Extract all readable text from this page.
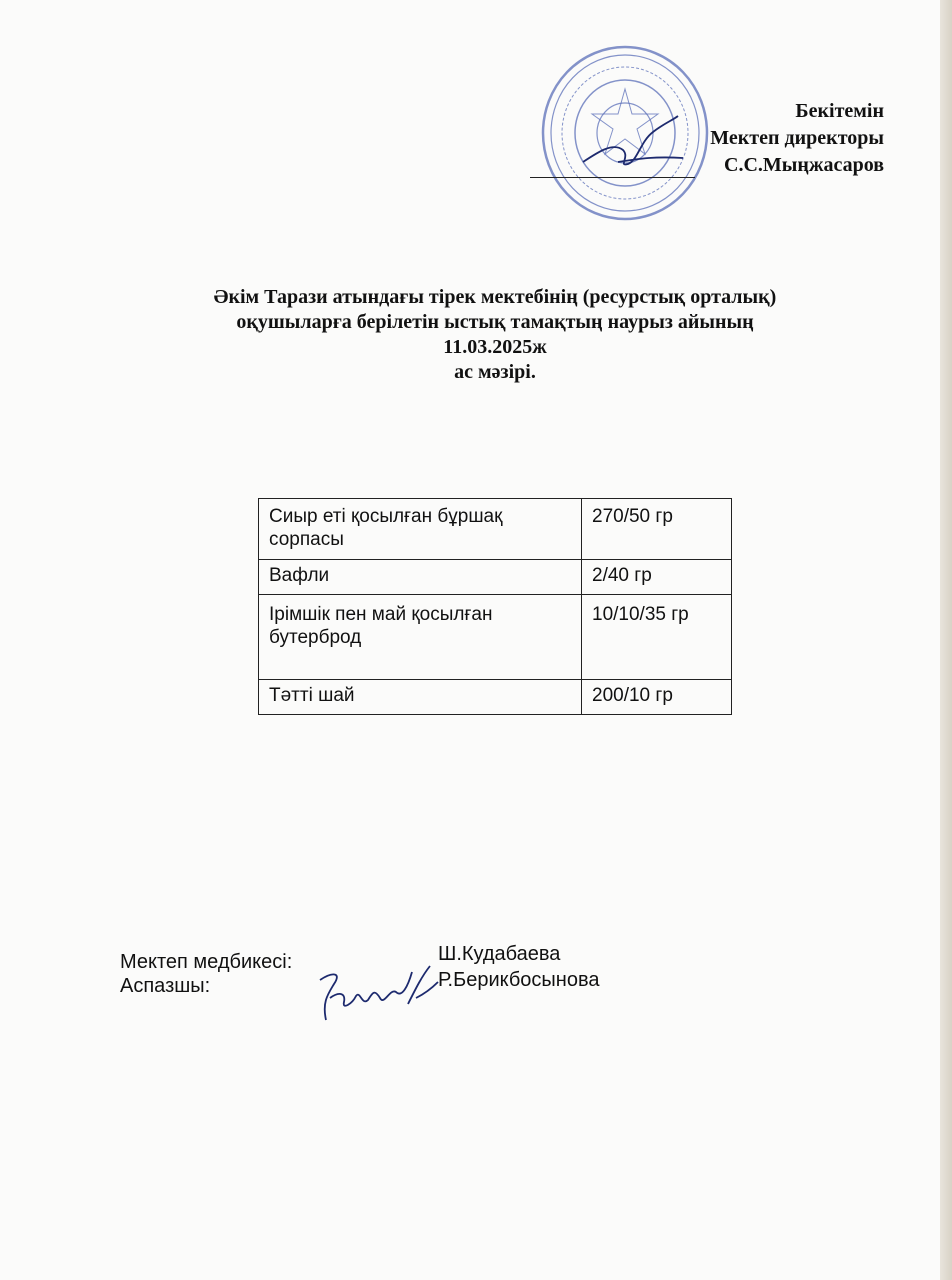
Бекітемін
Мектеп директоры
С.С.Мыңжасаров
Әкім Тарази атындағы тірек мектебінің (ресурстық орталық)
оқушыларға берілетін ыстық тамақтың наурыз айының
11.03.2025ж
ас мәзірі.
Сиыр еті қосылған бұршақ сорпасы	270/50 гр
Вафли	2/40 гр
Ірімшік пен май қосылған бутерброд	10/10/35 гр
Тәтті шай	200/10 гр
Мектеп медбикесі:	Ш.Кудабаева
Аспазшы:	Р.Берикбосынова
